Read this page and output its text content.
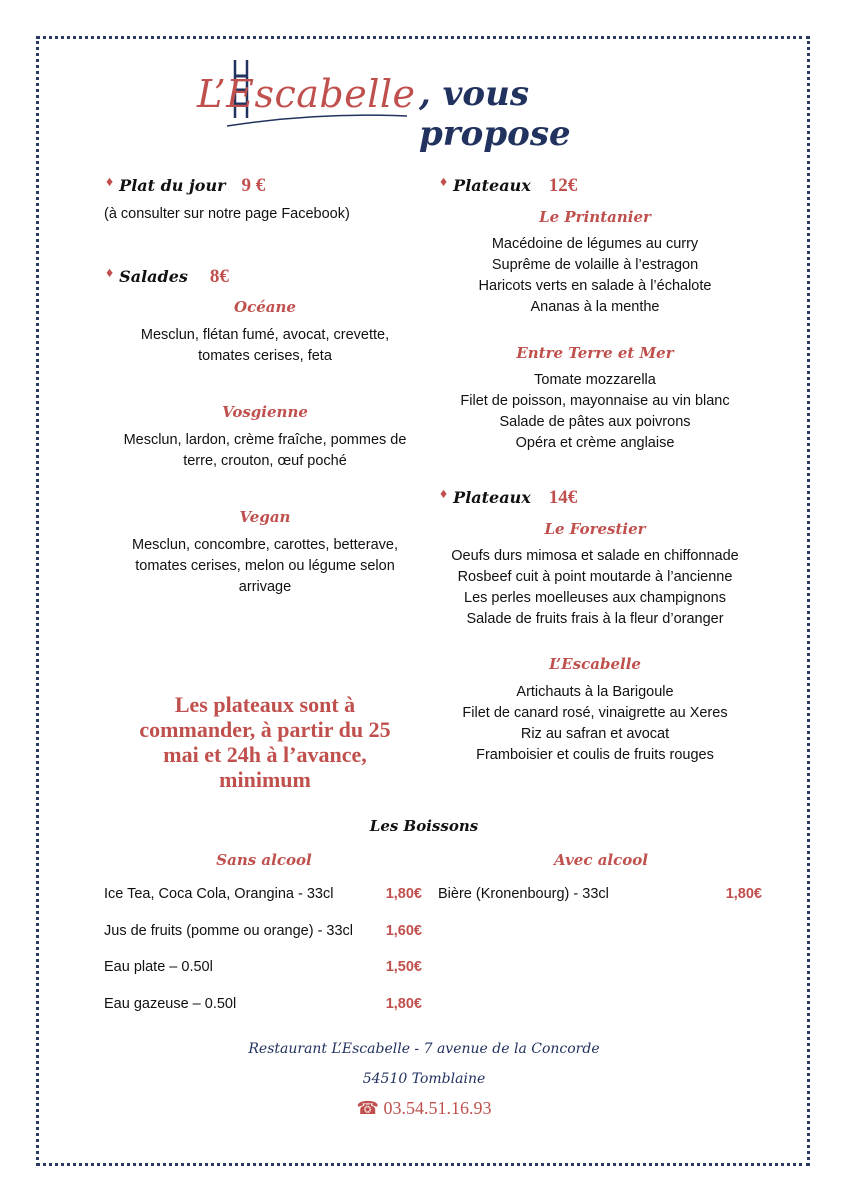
L’Escabelle , vous propose
♦ Plat du jour 9 €
(à consulter sur notre page Facebook)
♦ Salades 8€
Océane
Mesclun, flétan fumé, avocat, crevette,
tomates cerises, feta
Vosgienne
Mesclun, lardon, crème fraîche, pommes de
terre, crouton, œuf poché
Vegan
Mesclun, concombre, carottes, betterave,
tomates cerises, melon ou légume selon
arrivage
Les plateaux sont à
commander, à partir du 25
mai et 24h à l’avance,
minimum
♦ Plateaux 12€
Le Printanier
Macédoine de légumes au curry
Suprême de volaille à l’estragon
Haricots verts en salade à l’échalote
Ananas à la menthe
Entre Terre et Mer
Tomate mozzarella
Filet de poisson, mayonnaise au vin blanc
Salade de pâtes aux poivrons
Opéra et crème anglaise
♦ Plateaux 14€
Le Forestier
Oeufs durs mimosa et salade en chiffonnade
Rosbeef cuit à point moutarde à l’ancienne
Les perles moelleuses aux champignons
Salade de fruits frais à la fleur d’oranger
L’Escabelle
Artichauts à la Barigoule
Filet de canard rosé, vinaigrette au Xeres
Riz au safran et avocat
Framboisier et coulis de fruits rouges
Les Boissons
Sans alcool	Avec alcool
Ice Tea, Coca Cola, Orangina - 33cl	1,80€
Jus de fruits (pomme ou orange) - 33cl 1,60€
Eau plate – 0.50l	1,50€
Eau gazeuse – 0.50l	1,80€
Bière (Kronenbourg) - 33cl	1,80€
Restaurant L’Escabelle - 7 avenue de la Concorde
54510 Tomblaine
☎ 03.54.51.16.93
